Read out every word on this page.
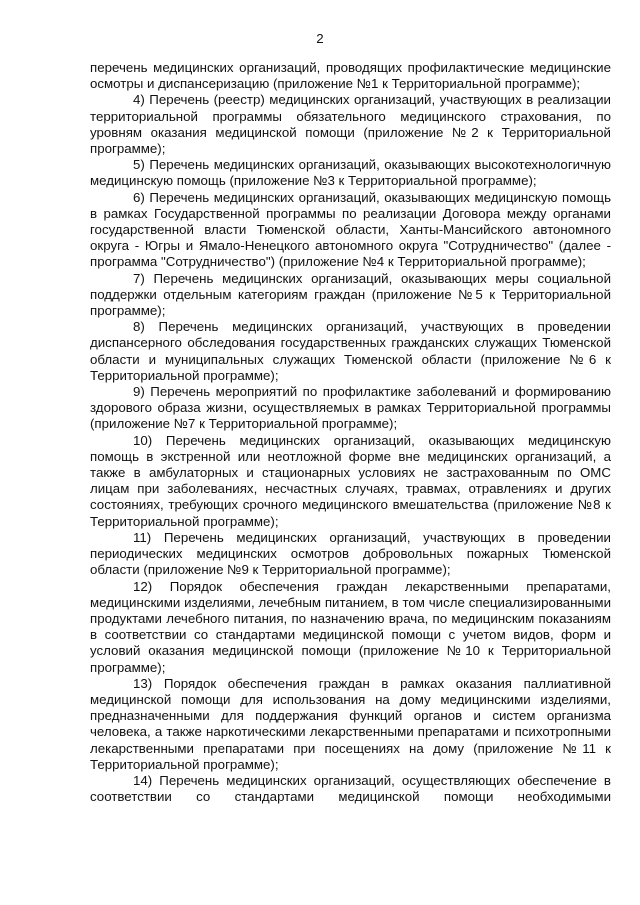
2

перечень медицинских организаций, проводящих профилактические медицинские осмотры и диспансеризацию (приложение №1 к Территориальной программе);

4) Перечень (реестр) медицинских организаций, участвующих в реализации территориальной программы обязательного медицинского страхования, по уровням оказания медицинской помощи (приложение №2 к Территориальной программе);

5) Перечень медицинских организаций, оказывающих высокотехнологичную медицинскую помощь (приложение №3 к Территориальной программе);

6) Перечень медицинских организаций, оказывающих медицинскую помощь в рамках Государственной программы по реализации Договора между органами государственной власти Тюменской области, Ханты-Мансийского автономного округа - Югры и Ямало-Ненецкого автономного округа "Сотрудничество" (далее - программа "Сотрудничество") (приложение №4 к Территориальной программе);

7) Перечень медицинских организаций, оказывающих меры социальной поддержки отдельным категориям граждан (приложение №5 к Территориальной программе);

8) Перечень медицинских организаций, участвующих в проведении диспансерного обследования государственных гражданских служащих Тюменской области и муниципальных служащих Тюменской области (приложение №6 к Территориальной программе);

9) Перечень мероприятий по профилактике заболеваний и формированию здорового образа жизни, осуществляемых в рамках Территориальной программы (приложение №7 к Территориальной программе);

10) Перечень медицинских организаций, оказывающих медицинскую помощь в экстренной или неотложной форме вне медицинских организаций, а также в амбулаторных и стационарных условиях не застрахованным по ОМС лицам при заболеваниях, несчастных случаях, травмах, отравлениях и других состояниях, требующих срочного медицинского вмешательства (приложение №8 к Территориальной программе);

11) Перечень медицинских организаций, участвующих в проведении периодических медицинских осмотров добровольных пожарных Тюменской области (приложение №9 к Территориальной программе);

12) Порядок обеспечения граждан лекарственными препаратами, медицинскими изделиями, лечебным питанием, в том числе специализированными продуктами лечебного питания, по назначению врача, по медицинским показаниям в соответствии со стандартами медицинской помощи с учетом видов, форм и условий оказания медицинской помощи (приложение №10 к Территориальной программе);

13) Порядок обеспечения граждан в рамках оказания паллиативной медицинской помощи для использования на дому медицинскими изделиями, предназначенными для поддержания функций органов и систем организма человека, а также наркотическими лекарственными препаратами и психотропными лекарственными препаратами при посещениях на дому (приложение №11 к Территориальной программе);

14) Перечень медицинских организаций, осуществляющих обеспечение в соответствии со стандартами медицинской помощи необходимыми
